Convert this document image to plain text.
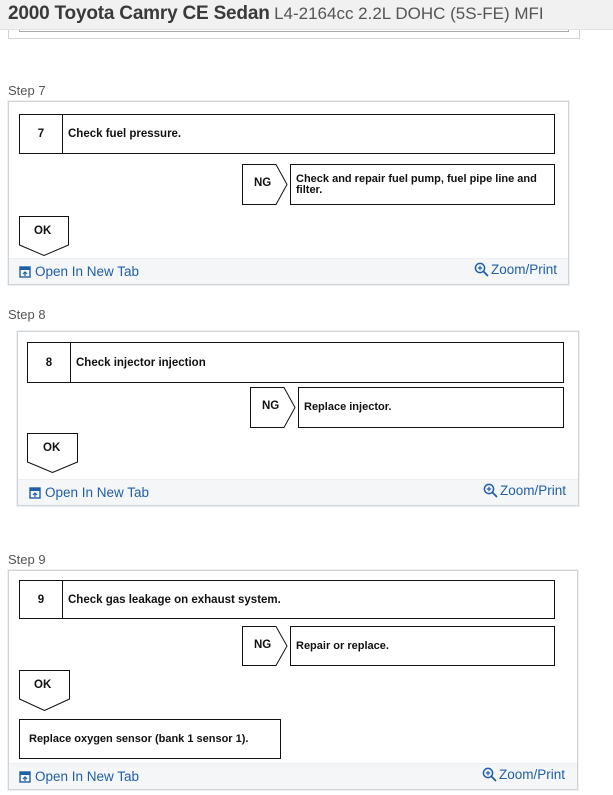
2000 Toyota Camry CE Sedan L4-2164cc 2.2L DOHC (5S-FE) MFI
Step 7
7	Check fuel pressure.
NG Check and repair fuel pump, fuel pipe line and filter.
OK
Open In New Tab	Zoom/Print
Step 8
8	Check injector injection
NG Replace injector.
OK
Open In New Tab	Zoom/Print
Step 9
9	Check gas leakage on exhaust system.
NG Repair or replace.
OK
Replace oxygen sensor (bank 1 sensor 1).
Open In New Tab	Zoom/Print
